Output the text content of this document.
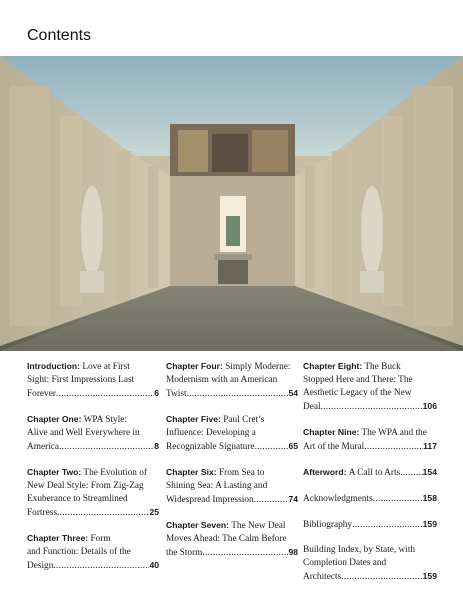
Contents
Introduction: Love at First
Sight: First Impressions Last
Forever .....	6
Chapter One: WPA Style:
Alive and Well Everywhere in
America .....	8
Chapter Two: The Evolution of
New Deal Style: From Zig-Zag
Exuberance to Streamlined
Fortress .....	25
Chapter Three: Form
and Function: Details of the
Design .....	40
Chapter Four: Simply Moderne:
Modernism with an American
Twist .....	54
Chapter Five: Paul Cret’s
Influence: Developing a
Recognizable Signature .....	65
Chapter Six: From Sea to
Shining Sea: A Lasting and
Widespread Impression .....	74
Chapter Seven: The New Deal
Moves Ahead: The Calm Before
the Storm .....	98
Chapter Eight: The Buck
Stopped Here and There: The
Aesthetic Legacy of the New
Deal .....	106
Chapter Nine: The WPA and the
Art of the Mural .....	117
Afterword:
A Call to Arts .....	154
Acknowledgments .....	158
Bibliography .....	159
Building Index, by State, with
Completion Dates and
Architects .....	159
